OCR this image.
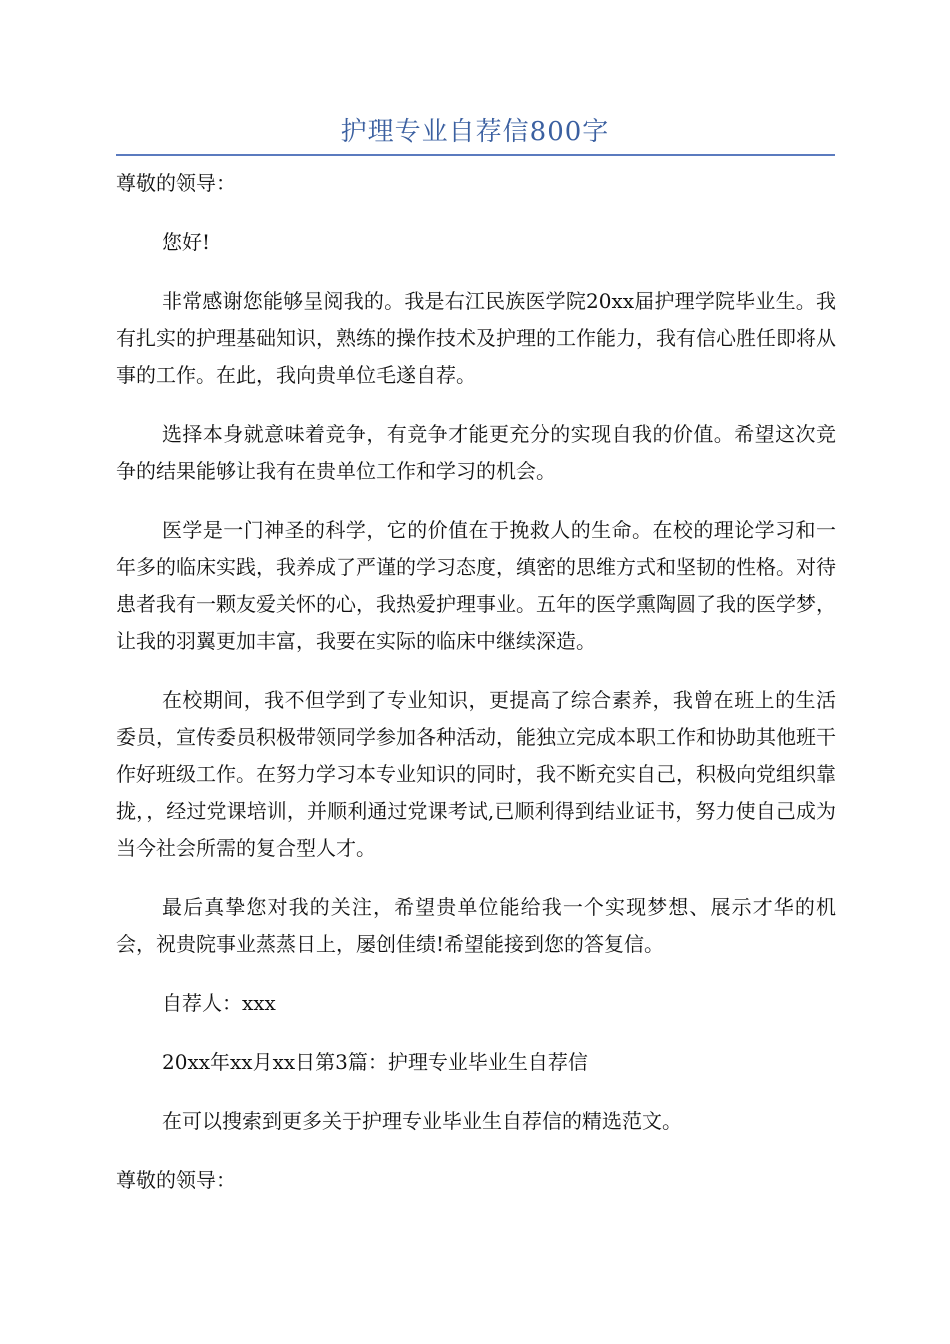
护理专业自荐信800字

尊敬的领导：

您好!

非常感谢您能够呈阅我的。我是右江民族医学院20xx届护理学院毕业生。我有扎实的护理基础知识，熟练的操作技术及护理的工作能力，我有信心胜任即将从事的工作。在此，我向贵单位毛遂自荐。

选择本身就意味着竞争，有竞争才能更充分的实现自我的价值。希望这次竞争的结果能够让我有在贵单位工作和学习的机会。

医学是一门神圣的科学，它的价值在于挽救人的生命。在校的理论学习和一年多的临床实践，我养成了严谨的学习态度，缜密的思维方式和坚韧的性格。对待患者我有一颗友爱关怀的心，我热爱护理事业。五年的医学熏陶圆了我的医学梦，让我的羽翼更加丰富，我要在实际的临床中继续深造。

在校期间，我不但学到了专业知识，更提高了综合素养，我曾在班上的生活委员，宣传委员积极带领同学参加各种活动，能独立完成本职工作和协助其他班干作好班级工作。在努力学习本专业知识的同时，我不断充实自己，积极向党组织靠拢，，经过党课培训，并顺利通过党课考试,已顺利得到结业证书，努力使自己成为当今社会所需的复合型人才。

最后真挚您对我的关注，希望贵单位能给我一个实现梦想、展示才华的机会，祝贵院事业蒸蒸日上，屡创佳绩!希望能接到您的答复信。

自荐人：xxx

20xx年xx月xx日第3篇：护理专业毕业生自荐信

在可以搜索到更多关于护理专业毕业生自荐信的精选范文。

尊敬的领导：
